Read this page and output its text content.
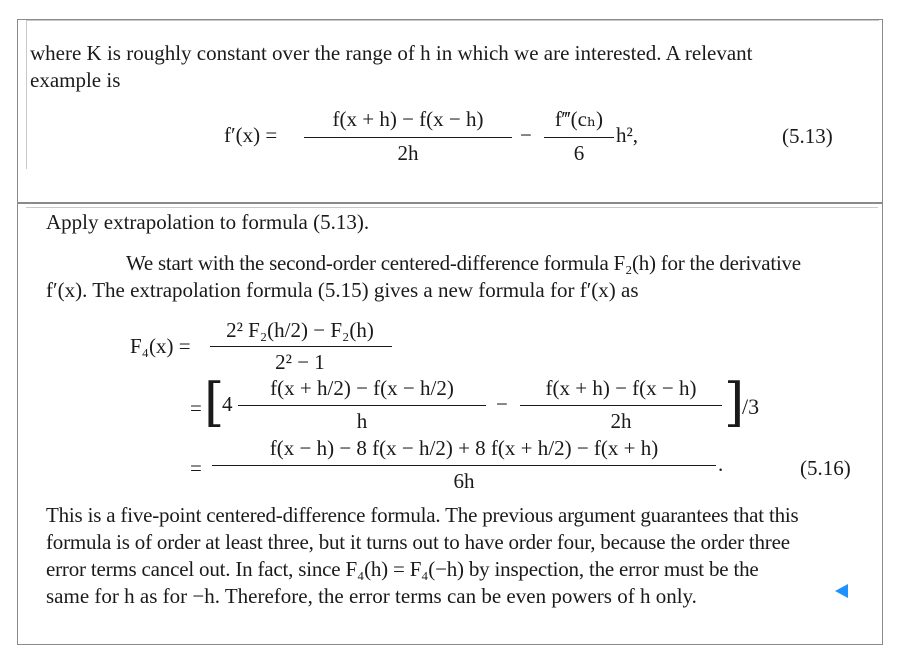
where K is roughly constant over the range of h in which we are interested. A relevant
example is
f′(x) =
f(x + h) − f(x − h)
2h
−
f‴(cₕ)
6
h²,	(5.13)
Apply extrapolation to formula (5.13).
We start with the second-order centered-difference formula F₂(h) for the derivative
f′(x). The extrapolation formula (5.15) gives a new formula for f′(x) as
F₄(x) =
2² F₂(h/2) − F₂(h)
2² − 1
= [
4
f(x + h/2) − f(x − h/2)
h
−
f(x + h) − f(x − h)
2h	]
/3
=
f(x − h) − 8 f(x − h/2) + 8 f(x + h/2) − f(x + h)
6h
.	(5.16)
This is a five-point centered-difference formula. The previous argument guarantees that this
formula is of order at least three, but it turns out to have order four, because the order three
error terms cancel out. In fact, since F₄(h) = F₄(−h) by inspection, the error must be the
same for h as for −h. Therefore, the error terms can be even powers of h only.
